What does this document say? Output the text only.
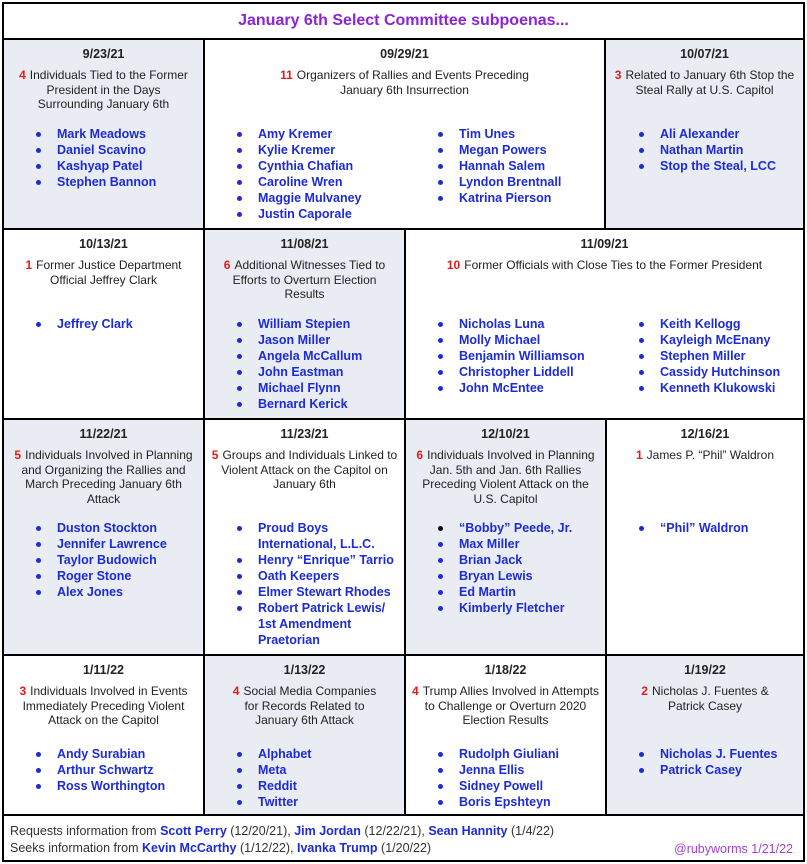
January 6th Select Committee subpoenas...
9/23/21
4 Individuals Tied to the Former President in the Days Surrounding January 6th
Mark Meadows
Daniel Scavino
Kashyap Patel
Stephen Bannon
09/29/21
11 Organizers of Rallies and Events Preceding January 6th Insurrection
Amy Kremer
Kylie Kremer
Cynthia Chafian
Caroline Wren
Maggie Mulvaney
Justin Caporale
Tim Unes
Megan Powers
Hannah Salem
Lyndon Brentnall
Katrina Pierson
10/07/21
3 Related to January 6th Stop the Steal Rally at U.S. Capitol
Ali Alexander
Nathan Martin
Stop the Steal, LCC
10/13/21
1 Former Justice Department Official Jeffrey Clark
Jeffrey Clark
11/08/21
6 Additional Witnesses Tied to Efforts to Overturn Election Results
William Stepien
Jason Miller
Angela McCallum
John Eastman
Michael Flynn
Bernard Kerick
11/09/21
10 Former Officials with Close Ties to the Former President
Nicholas Luna
Molly Michael
Benjamin Williamson
Christopher Liddell
John McEntee
Keith Kellogg
Kayleigh McEnany
Stephen Miller
Cassidy Hutchinson
Kenneth Klukowski
11/22/21
5 Individuals Involved in Planning and Organizing the Rallies and March Preceding January 6th Attack
Duston Stockton
Jennifer Lawrence
Taylor Budowich
Roger Stone
Alex Jones
11/23/21
5 Groups and Individuals Linked to Violent Attack on the Capitol on January 6th
Proud Boys
International, L.L.C.
Henry “Enrique” Tarrio
Oath Keepers
Elmer Stewart Rhodes
Robert Patrick Lewis/
1st Amendment
Praetorian
12/10/21
6 Individuals Involved in Planning Jan. 5th and Jan. 6th Rallies Preceding Violent Attack on the U.S. Capitol
“Bobby” Peede, Jr.
Max Miller
Brian Jack
Bryan Lewis
Ed Martin
Kimberly Fletcher
12/16/21
1 James P. “Phil” Waldron
“Phil” Waldron
1/11/22
3 Individuals Involved in Events Immediately Preceding Violent Attack on the Capitol
Andy Surabian
Arthur Schwartz
Ross Worthington
1/13/22
4 Social Media Companies for Records Related to January 6th Attack
Alphabet
Meta
Reddit
Twitter
1/18/22
4 Trump Allies Involved in Attempts to Challenge or Overturn 2020 Election Results
Rudolph Giuliani
Jenna Ellis
Sidney Powell
Boris Epshteyn
1/19/22
2 Nicholas J. Fuentes & Patrick Casey
Nicholas J. Fuentes
Patrick Casey
Requests information from Scott Perry (12/20/21), Jim Jordan (12/22/21), Sean Hannity (1/4/22)
Seeks information from Kevin McCarthy (1/12/22), Ivanka Trump (1/20/22)	@rubyworms 1/21/22
